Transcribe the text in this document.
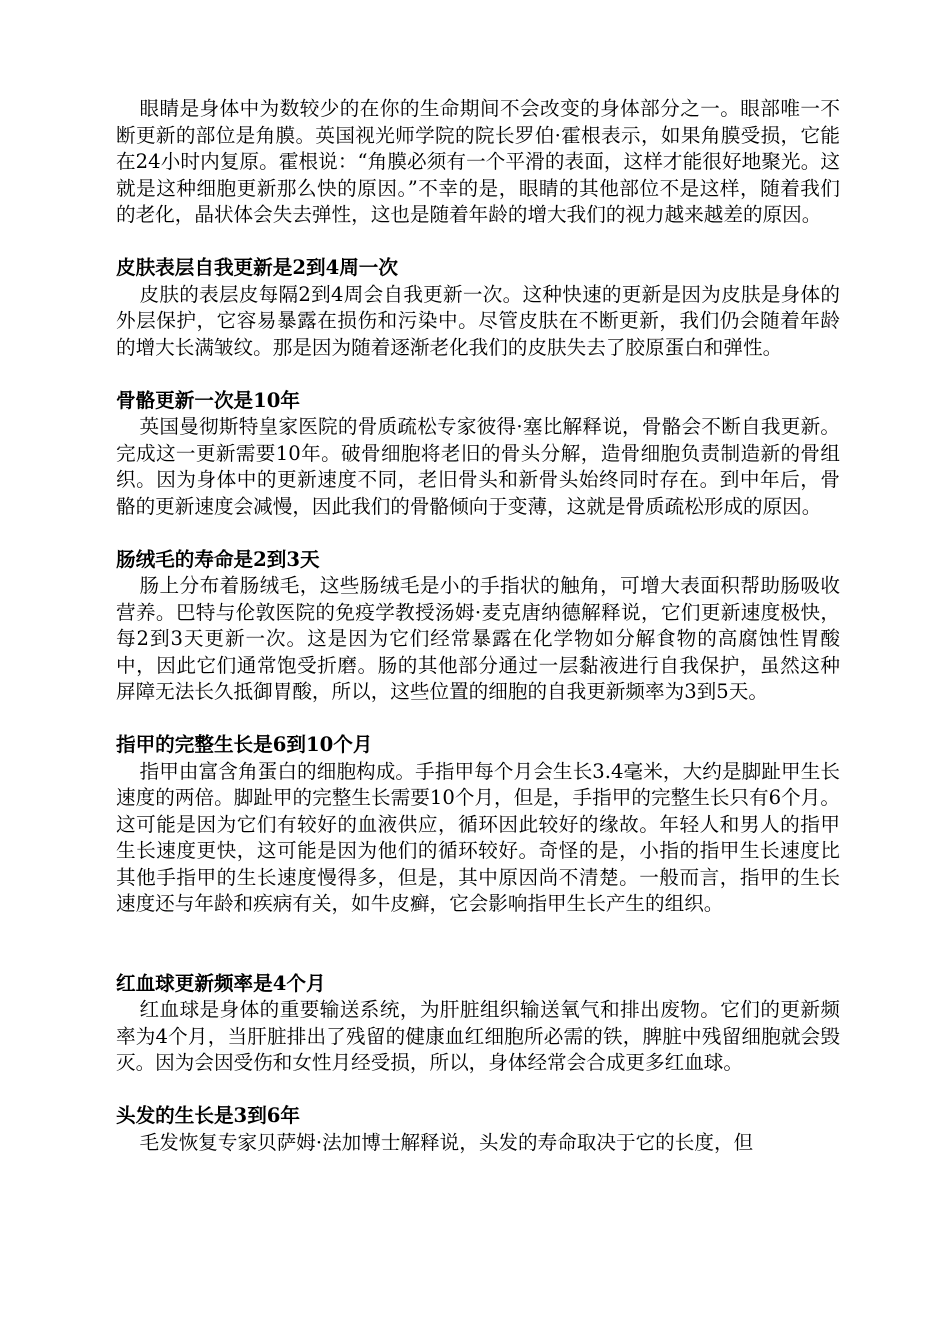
眼睛是身体中为数较少的在你的生命期间不会改变的身体部分之一。眼部唯一不断更新的部位是角膜。英国视光师学院的院长罗伯·霍根表示，如果角膜受损，它能在24小时内复原。霍根说：“角膜必须有一个平滑的表面，这样才能很好地聚光。这就是这种细胞更新那么快的原因。”不幸的是，眼睛的其他部位不是这样，随着我们的老化，晶状体会失去弹性，这也是随着年龄的增大我们的视力越来越差的原因。

皮肤表层自我更新是2到4周一次

皮肤的表层皮每隔2到4周会自我更新一次。这种快速的更新是因为皮肤是身体的外层保护，它容易暴露在损伤和污染中。尽管皮肤在不断更新，我们仍会随着年龄的增大长满皱纹。那是因为随着逐渐老化我们的皮肤失去了胶原蛋白和弹性。

骨骼更新一次是10年

英国曼彻斯特皇家医院的骨质疏松专家彼得·塞比解释说，骨骼会不断自我更新。完成这一更新需要10年。破骨细胞将老旧的骨头分解，造骨细胞负责制造新的骨组织。因为身体中的更新速度不同，老旧骨头和新骨头始终同时存在。到中年后，骨骼的更新速度会减慢，因此我们的骨骼倾向于变薄，这就是骨质疏松形成的原因。

肠绒毛的寿命是2到3天

肠上分布着肠绒毛，这些肠绒毛是小的手指状的触角，可增大表面积帮助肠吸收营养。巴特与伦敦医院的免疫学教授汤姆·麦克唐纳德解释说，它们更新速度极快，每2到3天更新一次。这是因为它们经常暴露在化学物如分解食物的高腐蚀性胃酸中，因此它们通常饱受折磨。肠的其他部分通过一层黏液进行自我保护，虽然这种屏障无法长久抵御胃酸，所以，这些位置的细胞的自我更新频率为3到5天。

指甲的完整生长是6到10个月

指甲由富含角蛋白的细胞构成。手指甲每个月会生长3.4毫米，大约是脚趾甲生长速度的两倍。脚趾甲的完整生长需要10个月，但是，手指甲的完整生长只有6个月。这可能是因为它们有较好的血液供应，循环因此较好的缘故。年轻人和男人的指甲生长速度更快，这可能是因为他们的循环较好。奇怪的是，小指的指甲生长速度比其他手指甲的生长速度慢得多，但是，其中原因尚不清楚。一般而言，指甲的生长速度还与年龄和疾病有关，如牛皮癣，它会影响指甲生长产生的组织。

红血球更新频率是4个月

红血球是身体的重要输送系统，为肝脏组织输送氧气和排出废物。它们的更新频率为4个月，当肝脏排出了残留的健康血红细胞所必需的铁，脾脏中残留细胞就会毁灭。因为会因受伤和女性月经受损，所以，身体经常会合成更多红血球。

头发的生长是3到6年

毛发恢复专家贝萨姆·法加博士解释说，头发的寿命取决于它的长度，但
